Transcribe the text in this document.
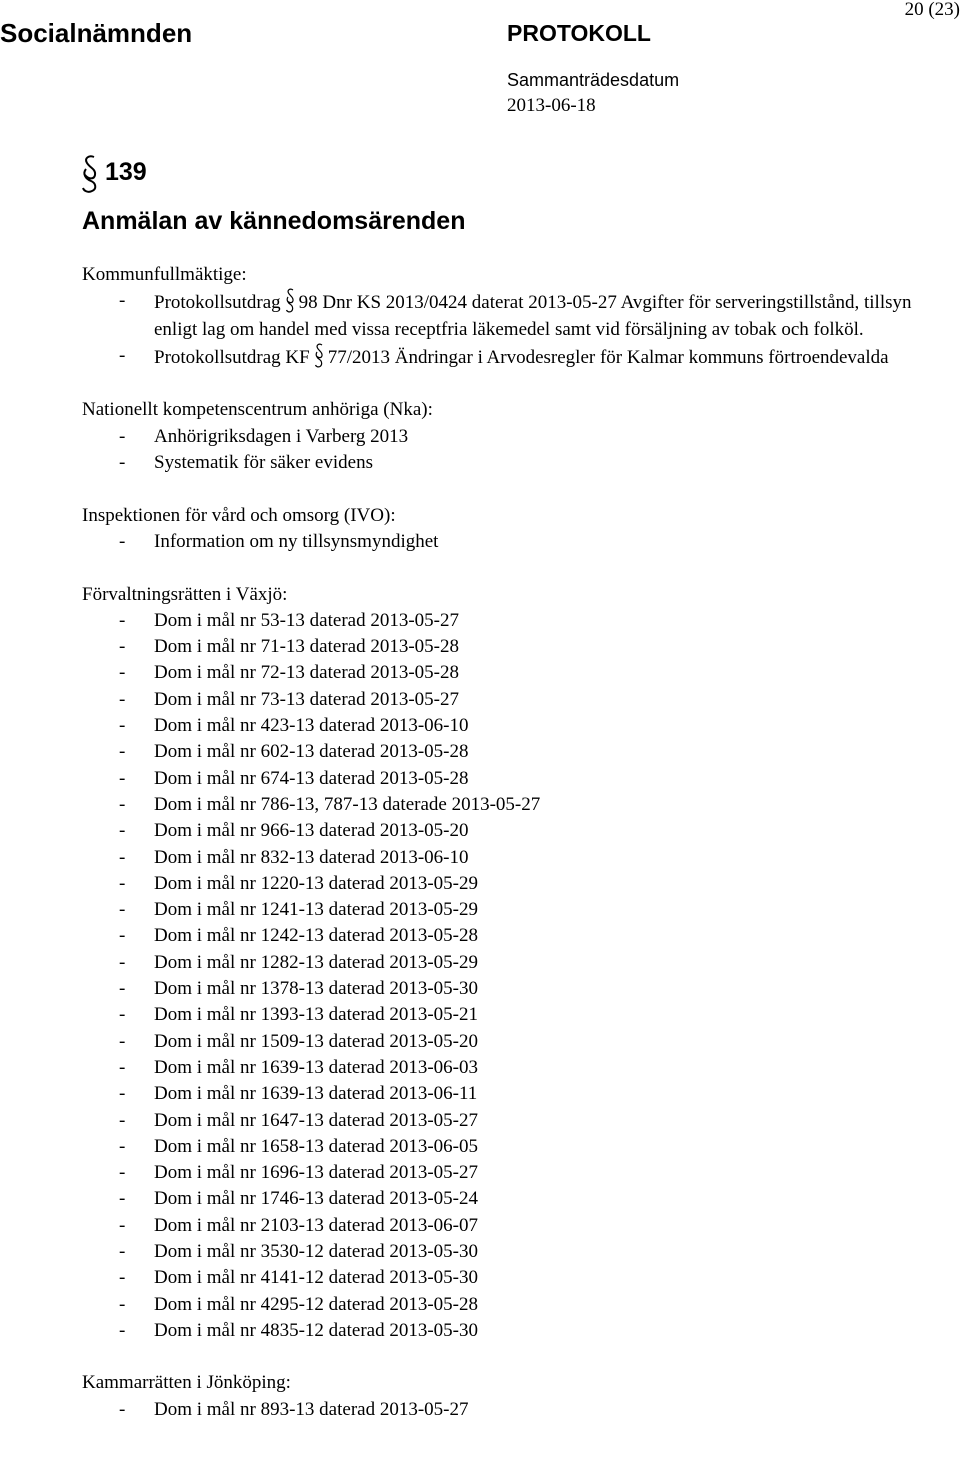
Socialnämnden	PROTOKOLL
20 (23)
Sammanträdesdatum
2013-06-18
139
Anmälan av kännedomsärenden
Kommunfullmäktige:
- Protokollsutdrag 98 Dnr KS 2013/0424 daterat 2013-05-27 Avgifter för serveringstillstånd, tillsyn enligt lag om handel med vissa receptfria läkemedel samt vid försäljning av tobak och folköl.
- Protokollsutdrag KF 77/2013 Ändringar i Arvodesregler för Kalmar kommuns förtroendevalda
Nationellt kompetenscentrum anhöriga (Nka):
- Anhörigriksdagen i Varberg 2013
- Systematik för säker evidens
Inspektionen för vård och omsorg (IVO):
- Information om ny tillsynsmyndighet
Förvaltningsrätten i Växjö:
- Dom i mål nr 53-13 daterad 2013-05-27
- Dom i mål nr 71-13 daterad 2013-05-28
- Dom i mål nr 72-13 daterad 2013-05-28
- Dom i mål nr 73-13 daterad 2013-05-27
- Dom i mål nr 423-13 daterad 2013-06-10
- Dom i mål nr 602-13 daterad 2013-05-28
- Dom i mål nr 674-13 daterad 2013-05-28
- Dom i mål nr 786-13, 787-13 daterade 2013-05-27
- Dom i mål nr 966-13 daterad 2013-05-20
- Dom i mål nr 832-13 daterad 2013-06-10
- Dom i mål nr 1220-13 daterad 2013-05-29
- Dom i mål nr 1241-13 daterad 2013-05-29
- Dom i mål nr 1242-13 daterad 2013-05-28
- Dom i mål nr 1282-13 daterad 2013-05-29
- Dom i mål nr 1378-13 daterad 2013-05-30
- Dom i mål nr 1393-13 daterad 2013-05-21
- Dom i mål nr 1509-13 daterad 2013-05-20
- Dom i mål nr 1639-13 daterad 2013-06-03
- Dom i mål nr 1639-13 daterad 2013-06-11
- Dom i mål nr 1647-13 daterad 2013-05-27
- Dom i mål nr 1658-13 daterad 2013-06-05
- Dom i mål nr 1696-13 daterad 2013-05-27
- Dom i mål nr 1746-13 daterad 2013-05-24
- Dom i mål nr 2103-13 daterad 2013-06-07
- Dom i mål nr 3530-12 daterad 2013-05-30
- Dom i mål nr 4141-12 daterad 2013-05-30
- Dom i mål nr 4295-12 daterad 2013-05-28
- Dom i mål nr 4835-12 daterad 2013-05-30
Kammarrätten i Jönköping:
- Dom i mål nr 893-13 daterad 2013-05-27
